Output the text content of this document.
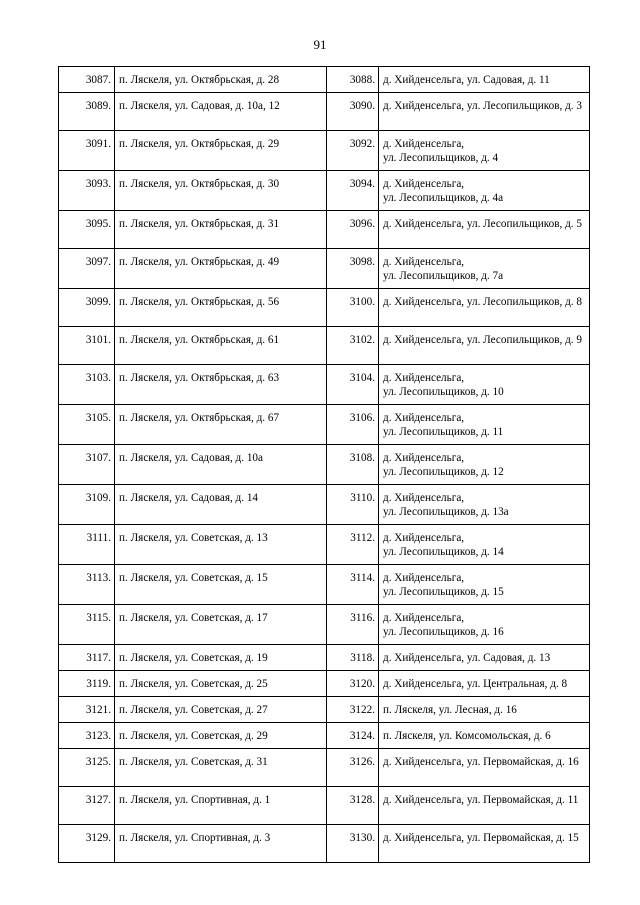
91
3087.	п. Ляскеля, ул. Октябрьская, д. 28	3088.	д. Хийденсельга, ул. Садовая, д. 11
3089.	п. Ляскеля, ул. Садовая, д. 10а, 12	3090.	д. Хийденсельга, ул. Лесопильщиков, д. 3
3091.	п. Ляскеля, ул. Октябрьская, д. 29	3092.	д. Хийденсельга,
ул. Лесопильщиков, д. 4
3093.	п. Ляскеля, ул. Октябрьская, д. 30	3094.	д. Хийденсельга,
ул. Лесопильщиков, д. 4а
3095.	п. Ляскеля, ул. Октябрьская, д. 31	3096.	д. Хийденсельга, ул. Лесопильщиков, д. 5
3097.	п. Ляскеля, ул. Октябрьская, д. 49	3098.	д. Хийденсельга,
ул. Лесопильщиков, д. 7а
3099.	п. Ляскеля, ул. Октябрьская, д. 56	3100.	д. Хийденсельга, ул. Лесопильщиков, д. 8
3101.	п. Ляскеля, ул. Октябрьская, д. 61	3102.	д. Хийденсельга, ул. Лесопильщиков, д. 9
3103.	п. Ляскеля, ул. Октябрьская, д. 63	3104.	д. Хийденсельга,
ул. Лесопильщиков, д. 10
3105.	п. Ляскеля, ул. Октябрьская, д. 67	3106.	д. Хийденсельга,
ул. Лесопильщиков, д. 11
3107.	п. Ляскеля, ул. Садовая, д. 10а	3108.	д. Хийденсельга,
ул. Лесопильщиков, д. 12
3109.	п. Ляскеля, ул. Садовая, д. 14	3110.	д. Хийденсельга,
ул. Лесопильщиков, д. 13а
3111.	п. Ляскеля, ул. Советская, д. 13	3112.	д. Хийденсельга,
ул. Лесопильщиков, д. 14
3113.	п. Ляскеля, ул. Советская, д. 15	3114.	д. Хийденсельга,
ул. Лесопильщиков, д. 15
3115.	п. Ляскеля, ул. Советская, д. 17	3116.	д. Хийденсельга,
ул. Лесопильщиков, д. 16
3117.	п. Ляскеля, ул. Советская, д. 19	3118.	д. Хийденсельга, ул. Садовая, д. 13
3119.	п. Ляскеля, ул. Советская, д. 25	3120.	д. Хийденсельга, ул. Центральная, д. 8
3121.	п. Ляскеля, ул. Советская, д. 27	3122.	п. Ляскеля, ул. Лесная, д. 16
3123.	п. Ляскеля, ул. Советская, д. 29	3124.	п. Ляскеля, ул. Комсомольская, д. 6
3125.	п. Ляскеля, ул. Советская, д. 31	3126.	д. Хийденсельга, ул. Первомайская, д. 16
3127.	п. Ляскеля, ул. Спортивная, д. 1	3128.	д. Хийденсельга, ул. Первомайская, д. 11
3129.	п. Ляскеля, ул. Спортивная, д. 3	3130.	д. Хийденсельга, ул. Первомайская, д. 15
